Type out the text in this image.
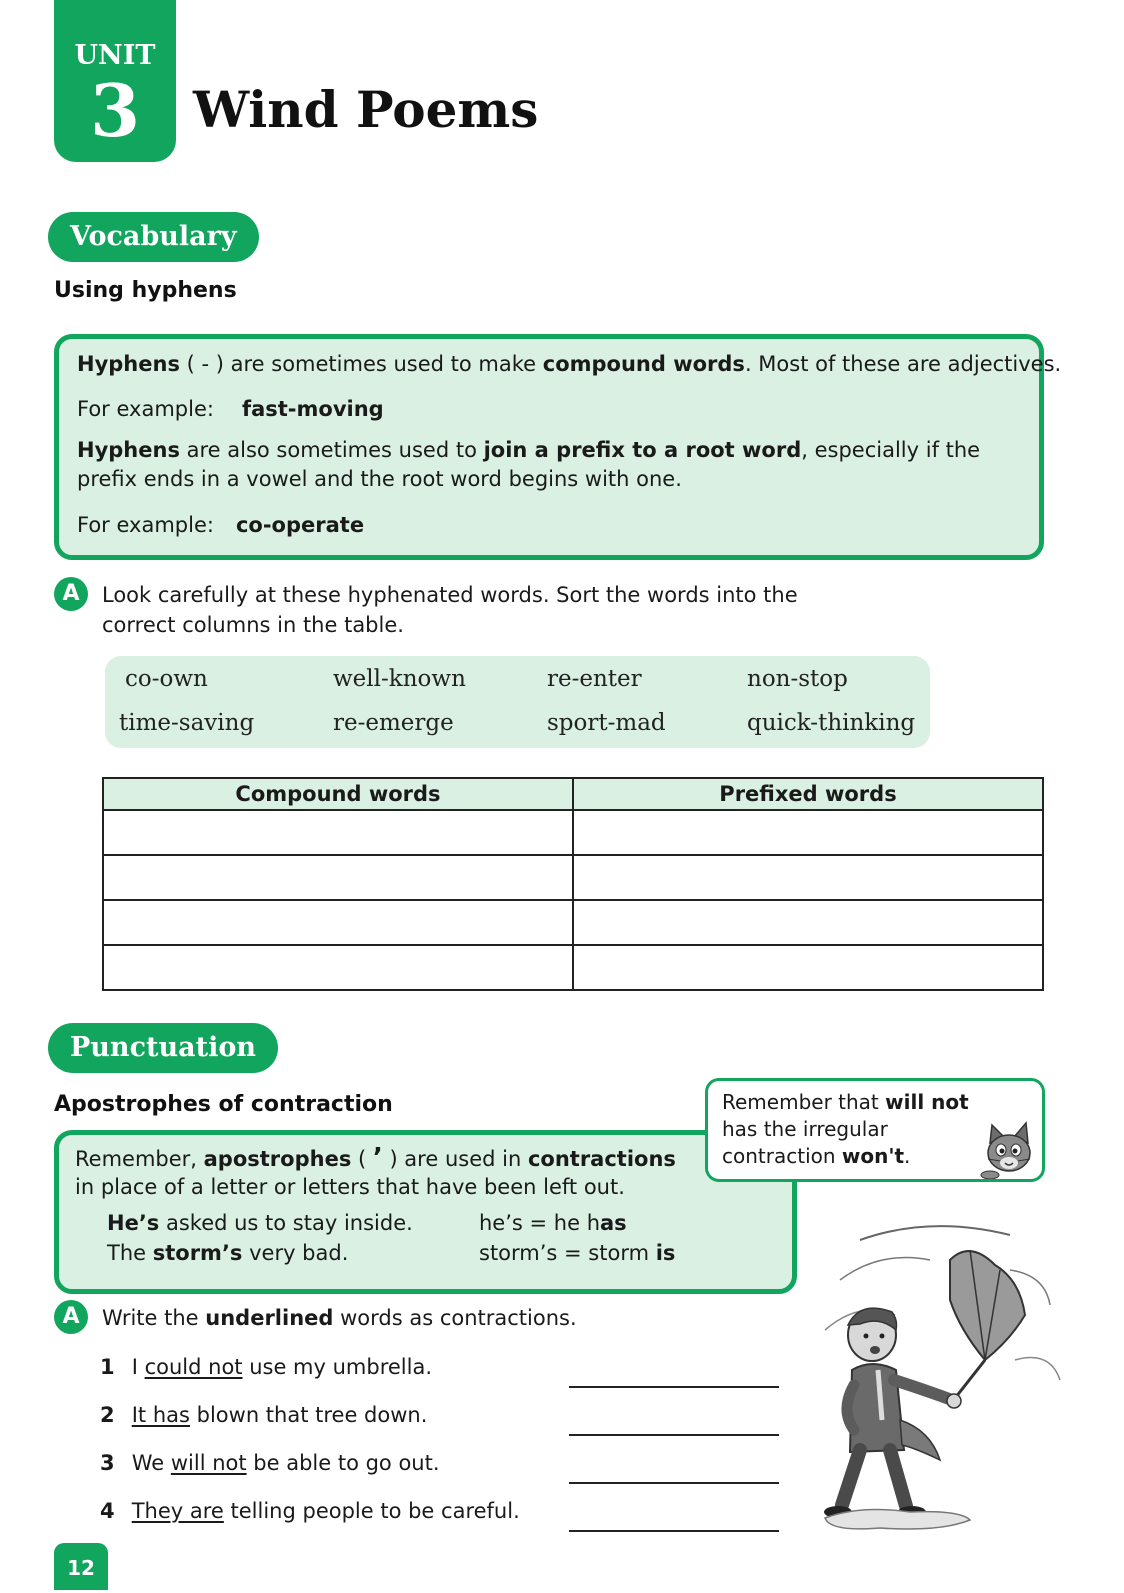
UNIT
3	Wind Poems
Vocabulary
Using hyphens
Hyphens ( - ) are sometimes used to make compound words. Most of these are adjectives.
For example: fast-moving
Hyphens are also sometimes used to join a prefix to a root word, especially if the
prefix ends in a vowel and the root word begins with one.
For example: co-operate
A	Look carefully at these hyphenated words. Sort the words into the
correct columns in the table.
co-own	well-known	re-enter	non-stop
time-saving	re-emerge	sport-mad	quick-thinking
Compound words	Prefixed words

Punctuation
Apostrophes of contraction
Remember, apostrophes ( ’ ) are used in contractions
in place of a letter or letters that have been left out.
He’s asked us to stay inside.	he’s = he has
The storm’s very bad.	storm’s = storm is
Remember that will not
has the irregular
contraction won't.
A	Write the underlined words as contractions.
1 I could not use my umbrella.
2 It has blown that tree down.
3 We will not be able to go out.
4 They are telling people to be careful.
12
